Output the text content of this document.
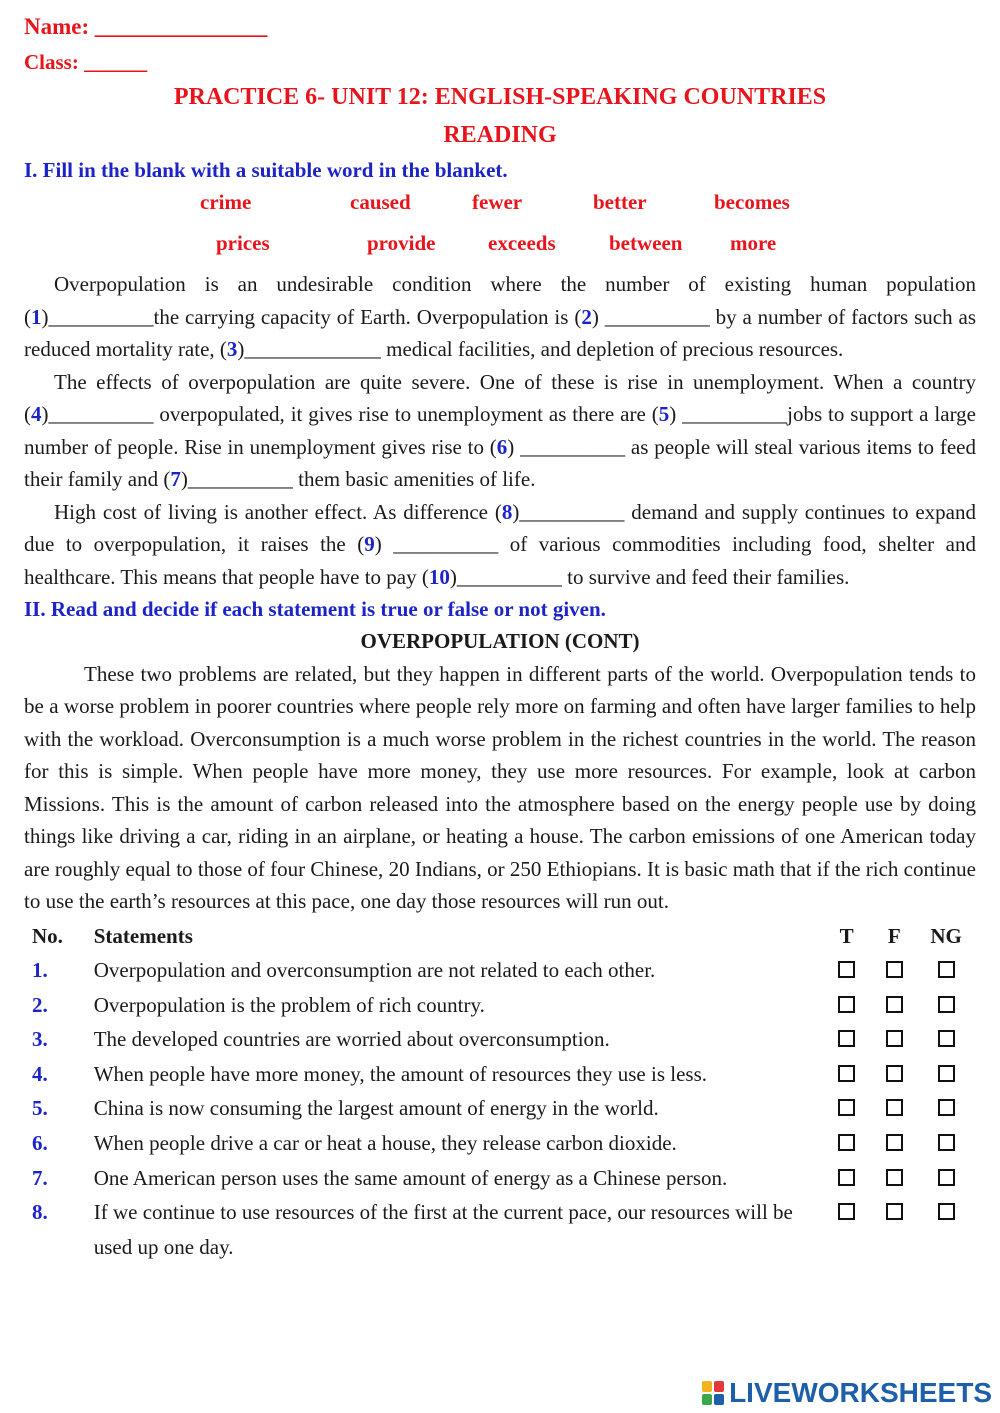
Name: _______________
Class: ______
PRACTICE 6- UNIT 12: ENGLISH-SPEAKING COUNTRIES
READING
I. Fill in the blank with a suitable word in the blanket.
crime	caused	fewer	better	becomes
prices	provide	exceeds	between more

Overpopulation is an undesirable condition where the number of existing human population (1)__________the carrying capacity of Earth. Overpopulation is (2) __________ by a number of factors such as reduced mortality rate, (3)_____________ medical facilities, and depletion of precious resources.

The effects of overpopulation are quite severe. One of these is rise in unemployment. When a country (4)__________ overpopulated, it gives rise to unemployment as there are (5) __________jobs to support a large number of people. Rise in unemployment gives rise to (6) __________ as people will steal various items to feed their family and (7)__________ them basic amenities of life.

High cost of living is another effect. As difference (8)__________ demand and supply continues to expand due to overpopulation, it raises the (9) __________ of various commodities including food, shelter and healthcare. This means that people have to pay (10)__________ to survive and feed their families.

II. Read and decide if each statement is true or false or not given.
OVERPOPULATION (CONT)

These two problems are related, but they happen in different parts of the world. Overpopulation tends to be a worse problem in poorer countries where people rely more on farming and often have larger families to help with the workload. Overconsumption is a much worse problem in the richest countries in the world. The reason for this is simple. When people have more money, they use more resources. For example, look at carbon Missions. This is the amount of carbon released into the atmosphere based on the energy people use by doing things like driving a car, riding in an airplane, or heating a house. The carbon emissions of one American today are roughly equal to those of four Chinese, 20 Indians, or 250 Ethiopians. It is basic math that if the rich continue to use the earth’s resources at this pace, one day those resources will run out.

No.	Statements	T	F	NG
1.	Overpopulation and overconsumption are not related to each other.			
2.	Overpopulation is the problem of rich country.			
3.	The developed countries are worried about overconsumption.			
4.	When people have more money, the amount of resources they use is less.			
5.	China is now consuming the largest amount of energy in the world.			
6.	When people drive a car or heat a house, they release carbon dioxide.			
7.	One American person uses the same amount of energy as a Chinese person.			
8.	If we continue to use resources of the first at the current pace, our resources will be used up one day.			
LIVEWORKSHEETS
